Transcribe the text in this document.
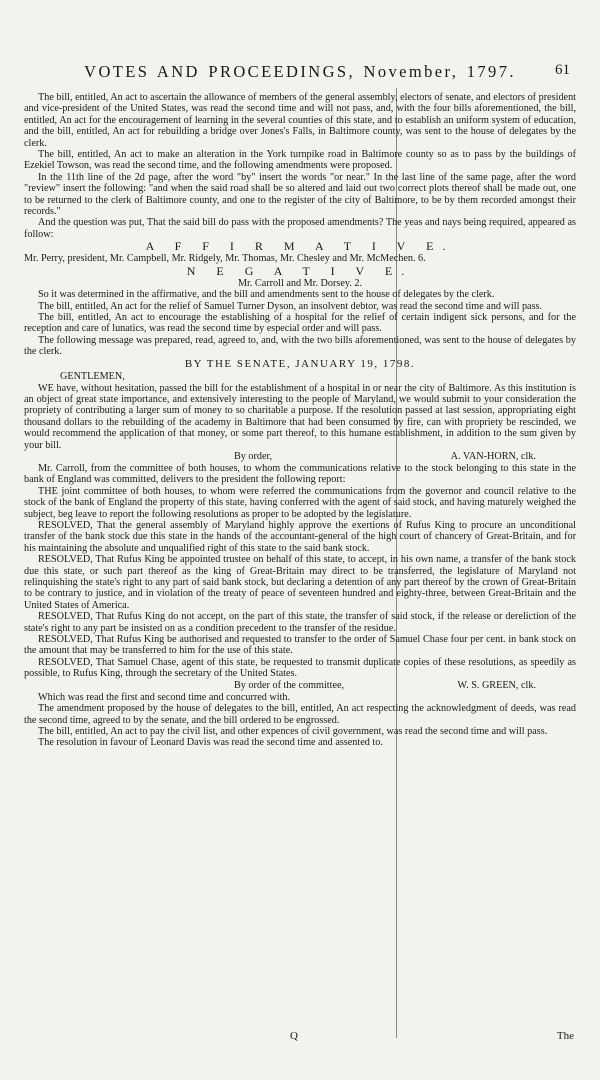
VOTES AND PROCEEDINGS, November, 1797.	61

The bill, entitled, An act to ascertain the allowance of members of the general assembly, electors of senate, and electors of president and vice-president of the United States, was read the second time and will not pass, and, with the four bills aforementioned, the bill, entitled, An act for the encouragement of learning in the several counties of this state, and to establish an uniform system of education, and the bill, entitled, An act for rebuilding a bridge over Jones's Falls, in Baltimore county, was sent to the house of delegates by the clerk.

The bill, entitled, An act to make an alteration in the York turnpike road in Baltimore county so as to pass by the buildings of Ezekiel Towson, was read the second time, and the following amendments were proposed.

In the 11th line of the 2d page, after the word "by" insert the words "or near." In the last line of the same page, after the word "review" insert the following: "and when the said road shall be so altered and laid out two correct plots thereof shall be made out, one to be returned to the clerk of Baltimore county, and one to the register of the city of Baltimore, to be by them recorded amongst their records."

And the question was put, That the said bill do pass with the proposed amendments? The yeas and nays being required, appeared as follow:

A F F I R M A T I V E.

Mr. Perry, president, Mr. Campbell, Mr. Ridgely, Mr. Thomas, Mr. Chesley and Mr. McMechen. 6.

N E G A T I V E.

Mr. Carroll and Mr. Dorsey. 2.

So it was determined in the affirmative, and the bill and amendments sent to the house of delegates by the clerk.

The bill, entitled, An act for the relief of Samuel Turner Dyson, an insolvent debtor, was read the second time and will pass.

The bill, entitled, An act to encourage the establishing of a hospital for the relief of certain indigent sick persons, and for the reception and care of lunatics, was read the second time by especial order and will pass.

The following message was prepared, read, agreed to, and, with the two bills aforementioned, was sent to the house of delegates by the clerk.

BY THE SENATE, JANUARY 19, 1798.

GENTLEMEN,

WE have, without hesitation, passed the bill for the establishment of a hospital in or near the city of Baltimore. As this institution is an object of great state importance, and extensively interesting to the people of Maryland, we would submit to your consideration the propriety of contributing a larger sum of money to so charitable a purpose. If the resolution passed at last session, appropriating eight thousand dollars to the rebuilding of the academy in Baltimore that had been consumed by fire, can with propriety be rescinded, we would recommend the application of that money, or some part thereof, to this humane establishment, in addition to the sum given by your bill.

By order,	A. VAN-HORN, clk.

Mr. Carroll, from the committee of both houses, to whom the communications relative to the stock belonging to this state in the bank of England was committed, delivers to the president the following report:

THE joint committee of both houses, to whom were referred the communications from the governor and council relative to the stock of the bank of England the property of this state, having conferred with the agent of said stock, and having maturely weighed the subject, beg leave to report the following resolutions as proper to be adopted by the legislature.

RESOLVED, That the general assembly of Maryland highly approve the exertions of Rufus King to procure an unconditional transfer of the bank stock due this state in the hands of the accountant-general of the high court of chancery of Great-Britain, and for his maintaining the absolute and unqualified right of this state to the said bank stock.

RESOLVED, That Rufus King be appointed trustee on behalf of this state, to accept, in his own name, a transfer of the bank stock due this state, or such part thereof as the king of Great-Britain may direct to be transferred, the legislature of Maryland not relinquishing the state's right to any part of said bank stock, but declaring a detention of any part thereof by the crown of Great-Britain to be contrary to justice, and in violation of the treaty of peace of seventeen hundred and eighty-three, between Great-Britain and the United States of America.

RESOLVED, That Rufus King do not accept, on the part of this state, the transfer of said stock, if the release or dereliction of the state's right to any part be insisted on as a condition precedent to the transfer of the residue.

RESOLVED, That Rufus King be authorised and requested to transfer to the order of Samuel Chase four per cent. in bank stock on the amount that may be transferred to him for the use of this state.

RESOLVED, That Samuel Chase, agent of this state, be requested to transmit duplicate copies of these resolutions, as speedily as possible, to Rufus King, through the secretary of the United States.

By order of the committee,	W. S. GREEN, clk.

Which was read the first and second time and concurred with.

The amendment proposed by the house of delegates to the bill, entitled, An act respecting the acknowledgment of deeds, was read the second time, agreed to by the senate, and the bill ordered to be engrossed.

The bill, entitled, An act to pay the civil list, and other expences of civil government, was read the second time and will pass.

The resolution in favour of Leonard Davis was read the second time and assented to.

Q	The
